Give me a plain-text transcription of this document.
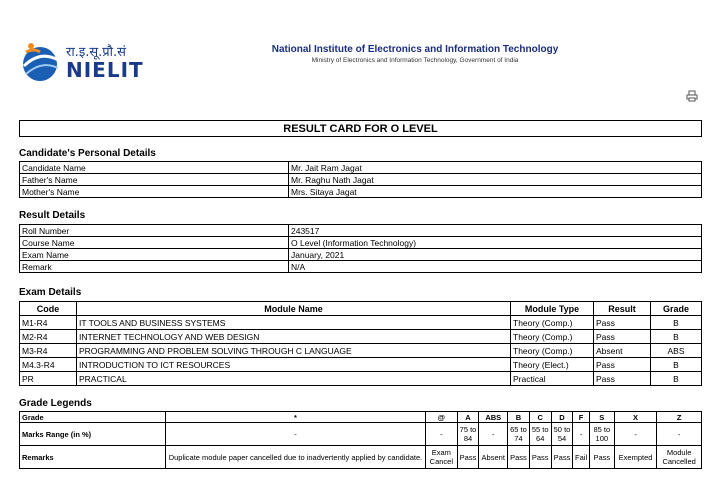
रा.इ.सू.प्रौ.सं
NIELIT
National Institute of Electronics and Information Technology
Ministry of Electronics and Information Technology, Government of India
RESULT CARD FOR O LEVEL
Candidate's Personal Details
Candidate Name	Mr. Jait Ram Jagat
Father's Name	Mr. Raghu Nath Jagat
Mother's Name	Mrs. Sitaya Jagat
Result Details
Roll Number	243517
Course Name	O Level (Information Technology)
Exam Name	January, 2021
Remark	N/A
Exam Details
Code	Module Name	Module Type	Result	Grade
M1-R4	IT TOOLS AND BUSINESS SYSTEMS	Theory (Comp.)	Pass	B
M2-R4	INTERNET TECHNOLOGY AND WEB DESIGN	Theory (Comp.)	Pass	B
M3-R4	PROGRAMMING AND PROBLEM SOLVING THROUGH C LANGUAGE	Theory (Comp.)	Absent	ABS
M4.3-R4	INTRODUCTION TO ICT RESOURCES	Theory (Elect.)	Pass	B
PR	PRACTICAL	Practical	Pass	B
Grade Legends
Grade	*	@	A	ABS	B	C	D	F	S	X	Z
Marks Range (in %)	-	-	75 to 84	-	65 to 74	55 to 64	50 to 54	-	85 to 100	-	-
Remarks	Duplicate module paper cancelled due to inadvertently applied by candidate.	Exam Cancel	Pass	Absent	Pass	Pass	Pass	Fail	Pass	Exempted	Module Cancelled
